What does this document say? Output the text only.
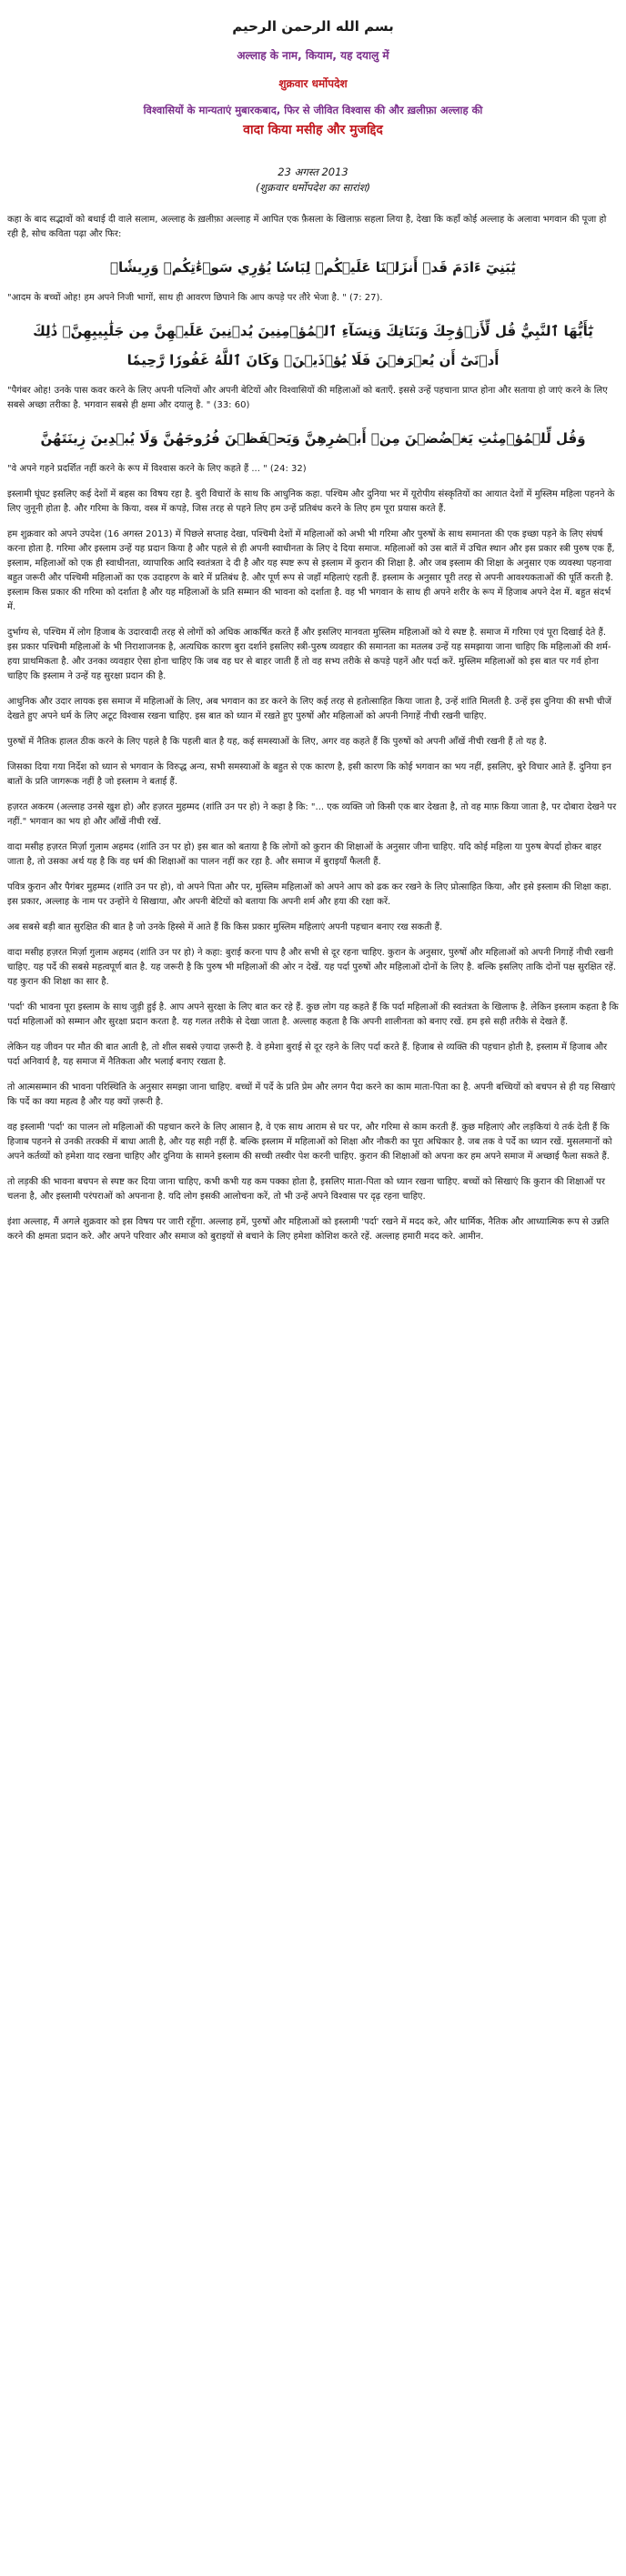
بسم الله الرحمن الرحيم
अल्लाह के नाम, कियाम, यह दयालु में
शुक्रवार धर्मोपदेश
विश्वासियों के मान्यताएं मुबारकबाद, फिर से जीवित विश्वास की और ख़लीफ़ा अल्लाह की
वादा किया मसीह और मुजद्दिद
23 अगस्त 2013
(शुक्रवार धर्मोपदेश का सारांश)

कहा के बाद सद्भावों को बधाई दी वाले सलाम, अल्लाह के ख़लीफ़ा अल्लाह में आपित एक फ़ैसला के खिलाफ़ सहला लिया है, देखा कि कहाँ कोई अल्लाह के अलावा भगवान की पूजा हो रही है, सोच कविता पढ़ा और फिर:

يَٰبَنِيٓ ءَادَمَ قَدۡ أَنزَلۡنَا عَلَيۡكُمۡ لِبَاسٗا يُوَٰرِي سَوۡءَٰتِكُمۡ وَرِيشٗاۖ

"आदम के बच्चों ओह! हम अपने निजी भागों, साथ ही आवरण छिपाने कि आप कपड़े पर तौरे भेजा है. " (7: 27).

يَٰٓأَيُّهَا ٱلنَّبِيُّ قُل لِّأَزۡوَٰجِكَ وَبَنَاتِكَ وَنِسَآءِ ٱلۡمُؤۡمِنِينَ يُدۡنِينَ عَلَيۡهِنَّ مِن جَلَٰبِيبِهِنَّۚ ذَٰلِكَ أَدۡنَىٰٓ أَن يُعۡرَفۡنَ فَلَا يُؤۡذَيۡنَۗ وَكَانَ ٱللَّهُ غَفُورٗا رَّحِيمٗا

"पैगंबर ओह! उनके पास कवर करने के लिए अपनी पत्नियों और अपनी बेटियों और विश्वासियों की महिलाओं को बताएँ. इससे उन्हें पहचाना प्राप्त होना और सताया हो जाएं करने के लिए सबसे अच्छा तरीका है. भगवान सबसे ही क्षमा और दयालु है. " (33: 60)

وَقُل لِّلۡمُؤۡمِنَٰتِ يَغۡضُضۡنَ مِنۡ أَبۡصَٰرِهِنَّ وَيَحۡفَظۡنَ فُرُوجَهُنَّ وَلَا يُبۡدِينَ زِينَتَهُنَّ

"वे अपने गहने प्रदर्शित नहीं करने के रूप में विश्वास करने के लिए कहते हैं ... " (24: 32)

इस्लामी घूंघट इसलिए कई देशों में बहस का विषय रहा है. बुरी विचारों के साथ कि आधुनिक कहा. पश्चिम और दुनिया भर में यूरोपीय संस्कृतियों का आयात देशों में मुस्लिम महिला पहनने के लिए जुनूनी होता है. और गरिमा के किया, वस्त्र में कपड़े, जिस तरह से पहने लिए हम उन्हें प्रतिबंध करने के लिए हम पूरा प्रयास करते हैं.

हम शुक्रवार को अपने उपदेश (16 अगस्त 2013) में पिछले सप्ताह देखा, पश्चिमी देशों में महिलाओं को अभी भी गरिमा और पुरुषों के साथ समानता की एक इच्छा पड़ने के लिए संघर्ष करना होता है. गरिमा और इस्लाम उन्हें यह प्रदान किया है और पहले से ही अपनी स्वाधीनता के लिए दे दिया समाज. महिलाओं को उस बातें में उचित स्थान और इस प्रकार स्त्री पुरुष एक हैं, इस्लाम, महिलाओं को एक ही स्वाधीनता, व्यापारिक आदि स्वतंत्रता दे दी है और यह स्पष्ट रूप से इस्लाम में कुरान की शिक्षा है. और जब इस्लाम की शिक्षा के अनुसार एक व्यवस्था पहनावा बहुत जरूरी और पश्चिमी महिलाओं का एक उदाहरण के बारे में प्रतिबंध है. और पूर्ण रूप से जहाँ महिलाएं रहती हैं. इस्लाम के अनुसार पूरी तरह से अपनी आवश्यकताओं की पूर्ति करती है. इस्लाम किस प्रकार की गरिमा को दर्शाता है और यह महिलाओं के प्रति सम्मान की भावना को दर्शाता है. वह भी भगवान के साथ ही अपने शरीर के रूप में हिजाब अपने देश में. बहुत संदर्भ में.

दुर्भाग्य से, पश्चिम में लोग हिजाब के उदारवादी तरह से लोगों को अधिक आकर्षित करते हैं और इसलिए मानवता मुस्लिम महिलाओं को ये स्पष्ट है. समाज में गरिमा एवं पूरा दिखाई देते हैं. इस प्रकार पश्चिमी महिलाओं के भी निराशाजनक है, अत्यधिक कारण बुरा दर्शाने इसलिए स्त्री-पुरुष व्यवहार की समानता का मतलब उन्हें यह समझाया जाना चाहिए कि महिलाओं की शर्म-हया प्राथमिकता है. और उनका व्यवहार ऐसा होना चाहिए कि जब वह घर से बाहर जाती हैं तो वह सभ्य तरीके से कपड़े पहनें और पर्दा करें. मुस्लिम महिलाओं को इस बात पर गर्व होना चाहिए कि इस्लाम ने उन्हें यह सुरक्षा प्रदान की है.

आधुनिक और उदार लायक इस समाज में महिलाओं के लिए, अब भगवान का डर करने के लिए कई तरह से हतोत्साहित किया जाता है, उन्हें शांति मिलती है. उन्हें इस दुनिया की सभी चीजें देखते हुए अपने धर्म के लिए अटूट विश्वास रखना चाहिए. इस बात को ध्यान में रखते हुए पुरुषों और महिलाओं को अपनी निगाहें नीची रखनी चाहिए.

पुरुषों में नैतिक हालत ठीक करने के लिए पहले है कि पहली बात है यह, कई समस्याओं के लिए, अगर वह कहते हैं कि पुरुषों को अपनी आँखें नीची रखनी हैं तो यह है.

जिसका दिया गया निर्देश को ध्यान से भगवान के विरुद्ध अन्य, सभी समस्याओं के बहुत से एक कारण है, इसी कारण कि कोई भगवान का भय नहीं, इसलिए, बुरे विचार आते हैं. दुनिया इन बातों के प्रति जागरूक नहीं है जो इस्लाम ने बताई हैं.

हज़रत अकरम (अल्लाह उनसे खुश हो) और हज़रत मुहम्मद (शांति उन पर हो) ने कहा है कि: "... एक व्यक्ति जो किसी एक बार देखता है, तो वह माफ़ किया जाता है, पर दोबारा देखने पर नहीं." भगवान का भय हो और आँखें नीची रखें.

वादा मसीह हज़रत मिर्ज़ा गुलाम अहमद (शांति उन पर हो) इस बात को बताया है कि लोगों को कुरान की शिक्षाओं के अनुसार जीना चाहिए. यदि कोई महिला या पुरुष बेपर्दा होकर बाहर जाता है, तो उसका अर्थ यह है कि वह धर्म की शिक्षाओं का पालन नहीं कर रहा है. और समाज में बुराइयाँ फैलती हैं.

पवित्र कुरान और पैगंबर मुहम्मद (शांति उन पर हो), वो अपने पिता और पर, मुस्लिम महिलाओं को अपने आप को ढक कर रखने के लिए प्रोत्साहित किया, और इसे इस्लाम की शिक्षा कहा. इस प्रकार, अल्लाह के नाम पर उन्होंने ये सिखाया, और अपनी बेटियों को बताया कि अपनी शर्म और हया की रक्षा करें.

अब सबसे बड़ी बात सुरक्षित की बात है जो उनके हिस्से में आते हैं कि किस प्रकार मुस्लिम महिलाएं अपनी पहचान बनाए रख सकती हैं.

वादा मसीह हज़रत मिर्ज़ा गुलाम अहमद (शांति उन पर हो) ने कहा: बुराई करना पाप है और सभी से दूर रहना चाहिए. कुरान के अनुसार, पुरुषों और महिलाओं को अपनी निगाहें नीची रखनी चाहिए. यह पर्दे की सबसे महत्वपूर्ण बात है. यह जरूरी है कि पुरुष भी महिलाओं की ओर न देखें. यह पर्दा पुरुषों और महिलाओं दोनों के लिए है. बल्कि इसलिए ताकि दोनों पक्ष सुरक्षित रहें. यह कुरान की शिक्षा का सार है.

'पर्दा' की भावना पूरा इस्लाम के साथ जुड़ी हुई है. आप अपने सुरक्षा के लिए बात कर रहे हैं. कुछ लोग यह कहते हैं कि पर्दा महिलाओं की स्वतंत्रता के खिलाफ है. लेकिन इस्लाम कहता है कि पर्दा महिलाओं को सम्मान और सुरक्षा प्रदान करता है. यह गलत तरीके से देखा जाता है. अल्लाह कहता है कि अपनी शालीनता को बनाए रखें. हम इसे सही तरीके से देखते हैं.

लेकिन यह जीवन पर मौत की बात आती है, तो शील सबसे ज़्यादा ज़रूरी है. वे हमेशा बुराई से दूर रहने के लिए पर्दा करते हैं. हिजाब से व्यक्ति की पहचान होती है, इस्लाम में हिजाब और पर्दा अनिवार्य है, यह समाज में नैतिकता और भलाई बनाए रखता है.

तो आत्मसम्मान की भावना परिस्थिति के अनुसार समझा जाना चाहिए. बच्चों में पर्दे के प्रति प्रेम और लगन पैदा करने का काम माता-पिता का है. अपनी बच्चियों को बचपन से ही यह सिखाएं कि पर्दे का क्या महत्व है और यह क्यों ज़रूरी है.

वह इस्लामी 'पर्दा' का पालन लो महिलाओं की पहचान करने के लिए आसान है, वे एक साथ आराम से घर पर, और गरिमा से काम करती हैं. कुछ महिलाएं और लड़कियां ये तर्क देती हैं कि हिजाब पहनने से उनकी तरक्की में बाधा आती है, और यह सही नहीं है. बल्कि इस्लाम में महिलाओं को शिक्षा और नौकरी का पूरा अधिकार है. जब तक वे पर्दे का ध्यान रखें. मुसलमानों को अपने कर्तव्यों को हमेशा याद रखना चाहिए और दुनिया के सामने इस्लाम की सच्ची तस्वीर पेश करनी चाहिए. कुरान की शिक्षाओं को अपना कर हम अपने समाज में अच्छाई फैला सकते हैं.

तो लड़की की भावना बचपन से स्पष्ट कर दिया जाना चाहिए, कभी कभी यह कम पक्का होता है, इसलिए माता-पिता को ध्यान रखना चाहिए. बच्चों को सिखाएं कि कुरान की शिक्षाओं पर चलना है, और इस्लामी परंपराओं को अपनाना है. यदि लोग इसकी आलोचना करें, तो भी उन्हें अपने विश्वास पर दृढ़ रहना चाहिए.

इंशा अल्लाह, मैं अगले शुक्रवार को इस विषय पर जारी रहूँगा. अल्लाह हमें, पुरुषों और महिलाओं को इस्लामी 'पर्दा' रखने में मदद करे, और धार्मिक, नैतिक और आध्यात्मिक रूप से उन्नति करने की क्षमता प्रदान करे. और अपने परिवार और समाज को बुराइयों से बचाने के लिए हमेशा कोशिश करते रहें. अल्लाह हमारी मदद करे. आमीन.
